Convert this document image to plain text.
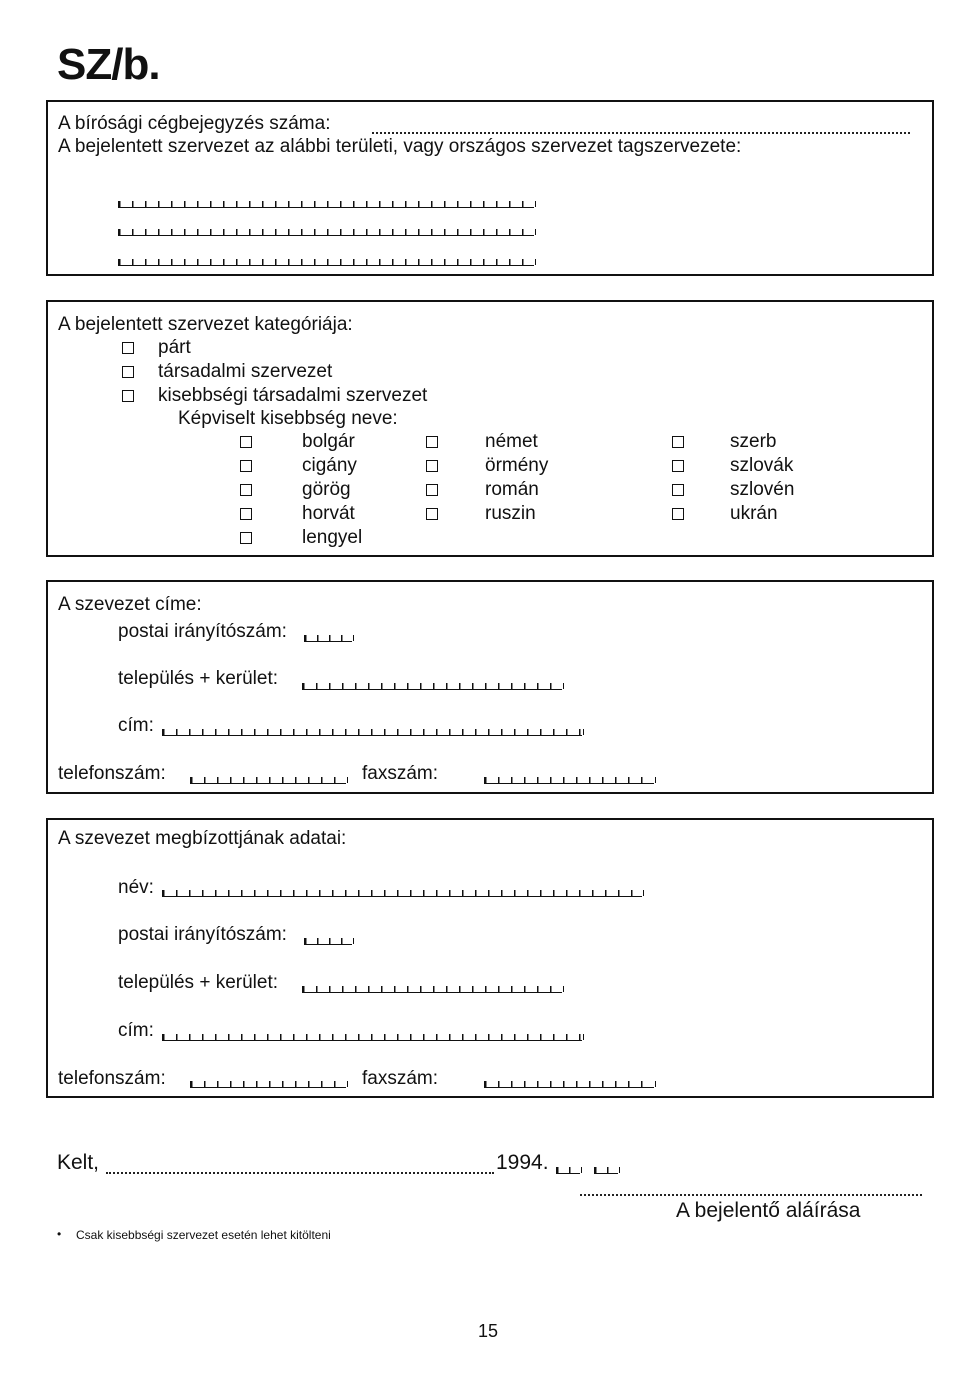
SZ/b.
A bírósági cégbejegyzés száma:
A bejelentett szervezet az alábbi területi, vagy országos szervezet tagszervezete:
A bejelentett szervezet kategóriája:
párt
társadalmi szervezet
kisebbségi társadalmi szervezet
Képviselt kisebbség neve:
bolgár
cigány
görög
horvát
lengyel
német
örmény
román
ruszin
szerb
szlovák
szlovén
ukrán
A szevezet címe:
postai irányítószám:
település + kerület:
cím:
telefonszám:	faxszám:
A szevezet megbízottjának adatai:
név:
postai irányítószám:
település + kerület:
cím:
telefonszám:	faxszám:
Kelt,	1994.
A bejelentő aláírása
• Csak kisebbségi szervezet esetén lehet kitölteni
15
